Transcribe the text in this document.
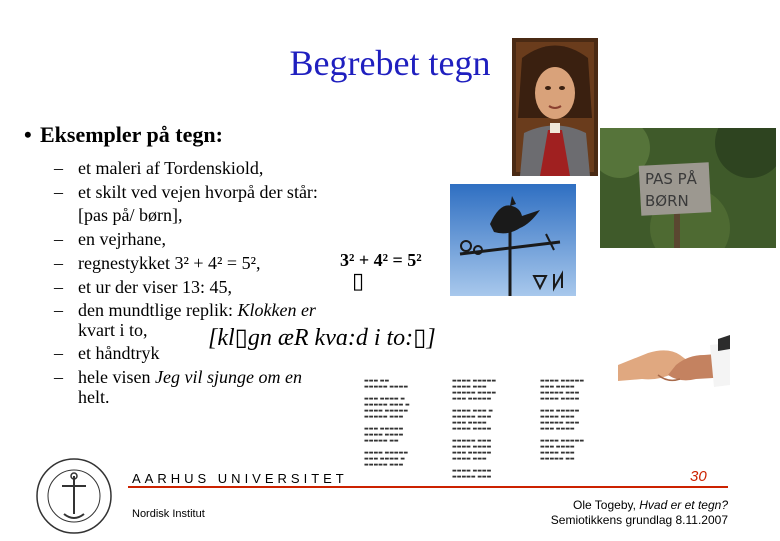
Begrebet tegn
PAS PÅ
BØRN
▬▬▬ ▬▬
▬▬▬▬▬ ▬▬▬▬

▬▬▬ ▬▬▬▬ ▬
▬▬▬▬▬ ▬▬▬ ▬
▬▬▬▬ ▬▬▬▬▬
▬▬▬▬▬ ▬▬▬

▬▬▬ ▬▬▬▬▬
▬▬▬▬ ▬▬▬▬
▬▬▬▬▬ ▬▬

▬▬▬▬ ▬▬▬▬▬
▬▬▬ ▬▬▬▬ ▬
▬▬▬▬▬ ▬▬▬
▬▬▬▬ ▬▬▬▬▬
▬▬▬▬ ▬▬▬
▬▬▬▬▬ ▬▬▬▬
▬▬▬ ▬▬▬▬▬

▬▬▬▬ ▬▬▬ ▬
▬▬▬▬▬ ▬▬▬
▬▬▬ ▬▬▬▬
▬▬▬▬ ▬▬▬▬

▬▬▬▬▬ ▬▬▬
▬▬▬▬ ▬▬▬▬
▬▬▬ ▬▬▬▬▬
▬▬▬▬ ▬▬▬

▬▬▬▬ ▬▬▬▬
▬▬▬▬▬ ▬▬▬
▬▬▬▬ ▬▬▬▬▬
▬▬▬ ▬▬▬▬
▬▬▬▬▬ ▬▬▬
▬▬▬▬ ▬▬▬▬

▬▬▬ ▬▬▬▬▬
▬▬▬▬ ▬▬▬
▬▬▬▬▬ ▬▬▬
▬▬▬ ▬▬▬▬

▬▬▬▬ ▬▬▬▬▬
▬▬▬ ▬▬▬▬
▬▬▬▬ ▬▬▬
▬▬▬▬▬ ▬▬
• Eksempler på tegn:
– et maleri af Tordenskiold,
– et skilt ved vejen hvorpå der står:
[pas på/ børn],
– en vejrhane,
– regnestykket 3² + 4² = 5²,
– et ur der viser 13: 45,
– den mundtlige replik: Klokken er
kvart i to,
– et håndtryk
– hele visen Jeg vil sjunge om en
helt.
3² + 4² = 5²
▯
[kl▯gn æR kvɑ:d i to:▯]
AARHUS UNIVERSITET	30
Nordisk Institut
Ole Togeby, Hvad er et tegn?
Semiotikkens grundlag 8.11.2007
